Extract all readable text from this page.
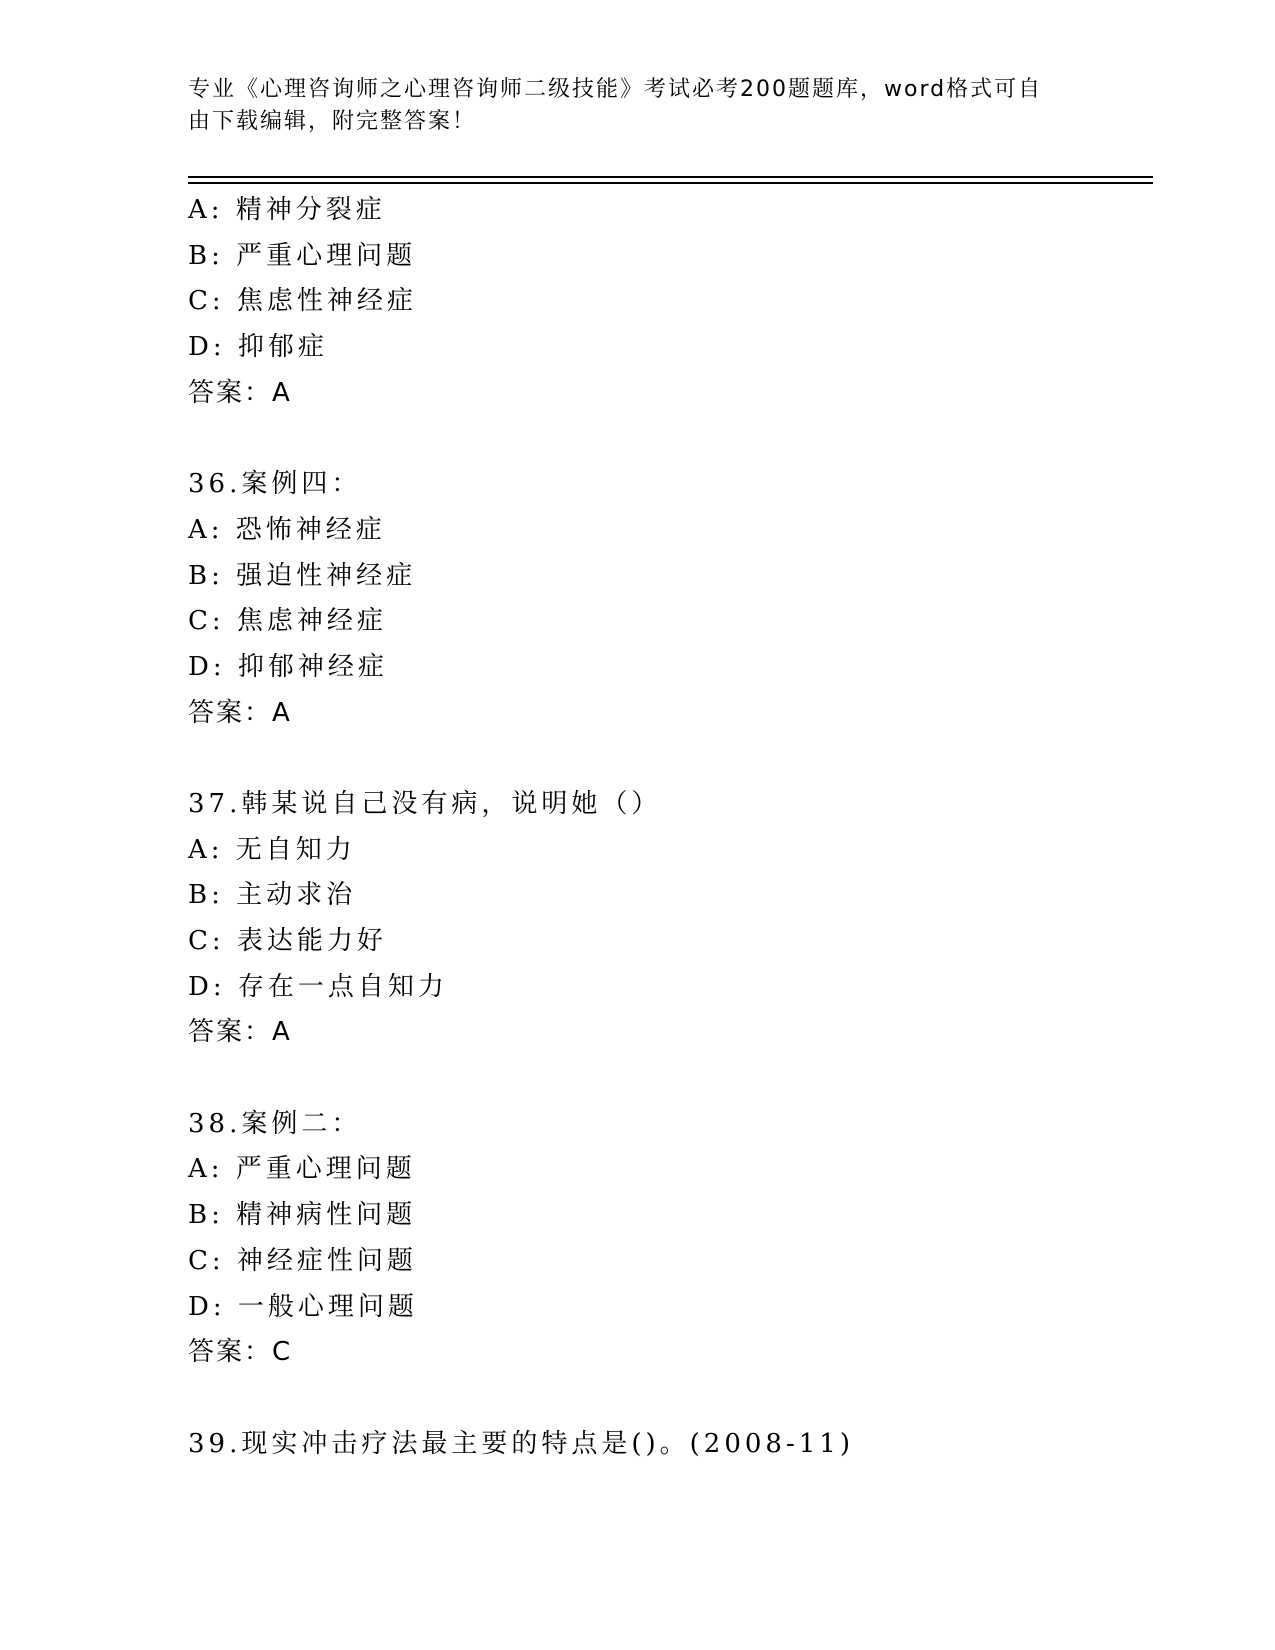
专业《心理咨询师之心理咨询师二级技能》考试必考200题题库，word格式可自
由下载编辑，附完整答案！
A: 精神分裂症
B: 严重心理问题
C: 焦虑性神经症
D: 抑郁症
答案：A
36.案例四：
A: 恐怖神经症
B: 强迫性神经症
C: 焦虑神经症
D: 抑郁神经症
答案：A
37.韩某说自己没有病，说明她（）
A: 无自知力
B: 主动求治
C: 表达能力好
D: 存在一点自知力
答案：A
38.案例二：
A: 严重心理问题
B: 精神病性问题
C: 神经症性问题
D: 一般心理问题
答案：C
39.现实冲击疗法最主要的特点是()。(2008-11)
